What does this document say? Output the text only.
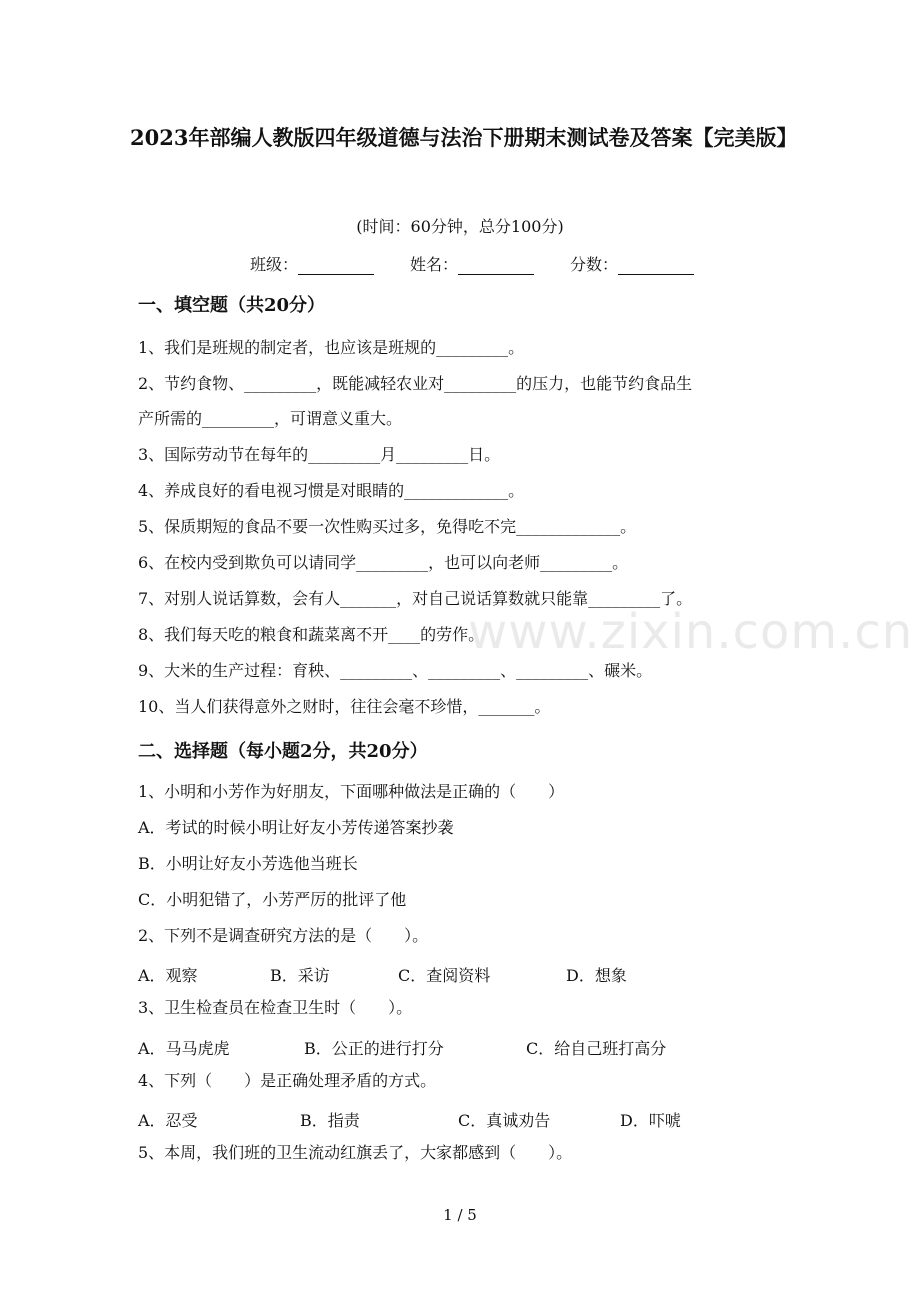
2023年部编人教版四年级道德与法治下册期末测试卷及答案【完美版】
(时间：60分钟，总分100分)
班级：	姓名：	分数：
一、填空题（共20分）
1、我们是班规的制定者，也应该是班规的_________。
2、节约食物、_________，既能减轻农业对_________的压力，也能节约食品生
产所需的_________，可谓意义重大。
3、国际劳动节在每年的_________月_________日。
4、养成良好的看电视习惯是对眼睛的_____________。
5、保质期短的食品不要一次性购买过多，免得吃不完_____________。
6、在校内受到欺负可以请同学_________，也可以向老师_________。
7、对别人说话算数，会有人_______，对自己说话算数就只能靠_________了。
8、我们每天吃的粮食和蔬菜离不开____的劳作。
9、大米的生产过程：育秧、_________、_________、_________、碾米。
10、当人们获得意外之财时，往往会毫不珍惜，_______。
二、选择题（每小题2分，共20分）
1、小明和小芳作为好朋友，下面哪种做法是正确的（　　）
A．考试的时候小明让好友小芳传递答案抄袭
B．小明让好友小芳选他当班长
C．小明犯错了，小芳严厉的批评了他
2、下列不是调查研究方法的是（　　）。
A．观察	B．采访	C．查阅资料	D．想象
3、卫生检查员在检查卫生时（　　）。
A．马马虎虎	B．公正的进行打分	C．给自己班打高分
4、下列（　　）是正确处理矛盾的方式。
A．忍受	B．指责	C．真诚劝告	D．吓唬
5、本周，我们班的卫生流动红旗丢了，大家都感到（　　）。
www.zixin.com.cn
1 / 5
